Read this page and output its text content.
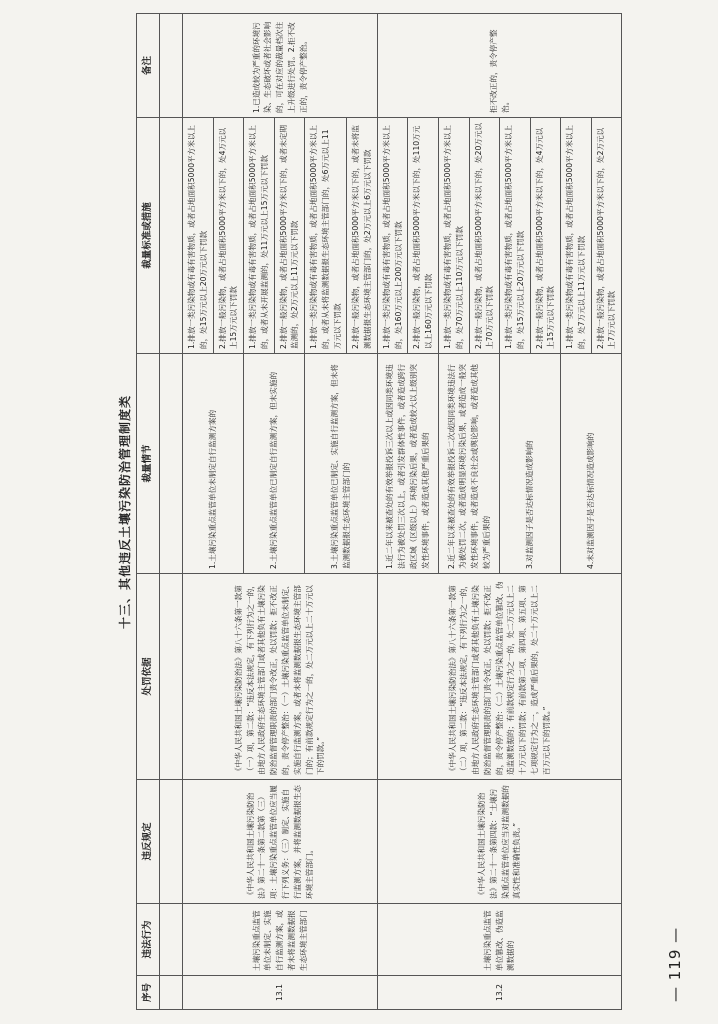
十三、其他违反土壤污染防治管理制度类
序号	违法行为	违反规定	处罚依据	裁量情节	裁量标准或措施	备注

13.1	土壤污染重点监管单位未制定、实施自行监测方案，或者未将监测数据报生态环境主管部门	《中华人民共和国土壤污染防治法》第二十一条第二款第（三）项：土壤污染重点监管单位应当履行下列义务：（三）制定、实施自行监测方案，并将监测数据报生态环境主管部门。	《中华人民共和国土壤污染防治法》第八十六条第一款第（一）项，第二款：“违反本法规定，有下列行为之一的，由地方人民政府生态环境主管部门或者其他负有土壤污染防治监督管理职责的部门责令改正，处以罚款；拒不改正的，责令停产整治：（一）土壤污染重点监管单位未制定、实施自行监测方案，或者未将监测数据报生态环境主管部门的；有前款规定行为之一的，处二万元以上二十万元以下的罚款。”	1.土壤污染重点监管单位未制定自行监测方案的	1.排放一类污染物或有毒有害物质，或者占地面积5000平方米以上的，处15万元以上20万元以下罚款	1.已造成较为严重的环境污染、生态破坏或者社会影响的，可在对应的裁量档次往上升级进行处罚。2.拒不改正的，责令停产整治。
					2.排放一般污染物，或者占地面积5000平方米以下的，处4万元以上15万元以下罚款	
				2.土壤污染重点监管单位已制定自行监测方案，但未实施的	1.排放一类污染物或有毒有害物质，或者占地面积5000平方米以上的，或者从未开展监测的，处11万元以上15万元以下罚款	
					2.排放一般污染物，或者占地面积5000平方米以下的，或者未定期监测的，处2万元以上11万元以下罚款	
				3.土壤污染重点监管单位已制定、实施自行监测方案，但未将监测数据报生态环境主管部门的	1.排放一类污染物或有毒有害物质，或者占地面积5000平方米以上的，或者从未将监测数据报生态环境主管部门的，处6万元以上11万元以下罚款	
					2.排放一般污染物，或者占地面积5000平方米以下的，或者未将监测数据报生态环境主管部门的，处2万元以上6万元以下罚款	
13.2	土壤污染重点监管单位篡改、伪造监测数据的	《中华人民共和国土壤污染防治法》第二十一条第四款：“土壤污染重点监管单位应当对监测数据的真实性和准确性负责。”	《中华人民共和国土壤污染防治法》第八十六条第一款第（二）项，第二款：“违反本法规定，有下列行为之一的，由地方人民政府生态环境主管部门或者其他负有土壤污染防治监督管理职责的部门责令改正，处以罚款；拒不改正的，责令停产整治：（二）土壤污染重点监管单位篡改、伪造监测数据的；有前款规定行为之一的，处二万元以上二十万元以下的罚款；有前款第二项、第四项、第五项、第七项规定行为之一，造成严重后果的，处二十万元以上二百万元以下的罚款。”	1.近二年以来被查处的有效举报投诉三次以上或因同类环境违法行为被处罚三次以上，或者引发群体性事件，或者造成跨行政区域（区级以上）环境污染后果，或者造成较大以上级别突发性环境事件，或者造成其他严重后果的	1.排放一类污染物或有毒有害物质，或者占地面积5000平方米以上的，处160万元以上200万元以下罚款	拒不改正的，责令停产整治。
					2.排放一般污染物，或者占地面积5000平方米以下的，处110万元以上160万元以下罚款	
				2.近二年以来被查处的有效举报投诉二次或因同类环境违法行为被处罚二次，或者造成明显环境污染后果，或者造成一般突发性环境事件，或者造成不良社会或舆论影响，或者造成其他较为严重后果的	1.排放一类污染物或有毒有害物质，或者占地面积5000平方米以上的，处70万元以上110万元以下罚款	
					2.排放一般污染物，或者占地面积5000平方米以下的，处20万元以上70万元以下罚款	
				3.对监测因子是否达标情况造成影响的	1.排放一类污染物或有毒有害物质，或者占地面积5000平方米以上的，处15万元以上20万元以下罚款	
					2.排放一般污染物，或者占地面积5000平方米以下的，处4万元以上15万元以下罚款	
				4.未对监测因子是否达标情况造成影响的	1.排放一类污染物或有毒有害物质，或者占地面积5000平方米以上的，处7万元以上11万元以下罚款	
					2.排放一般污染物，或者占地面积5000平方米以下的，处2万元以上7万元以下罚款	
— 119 —
